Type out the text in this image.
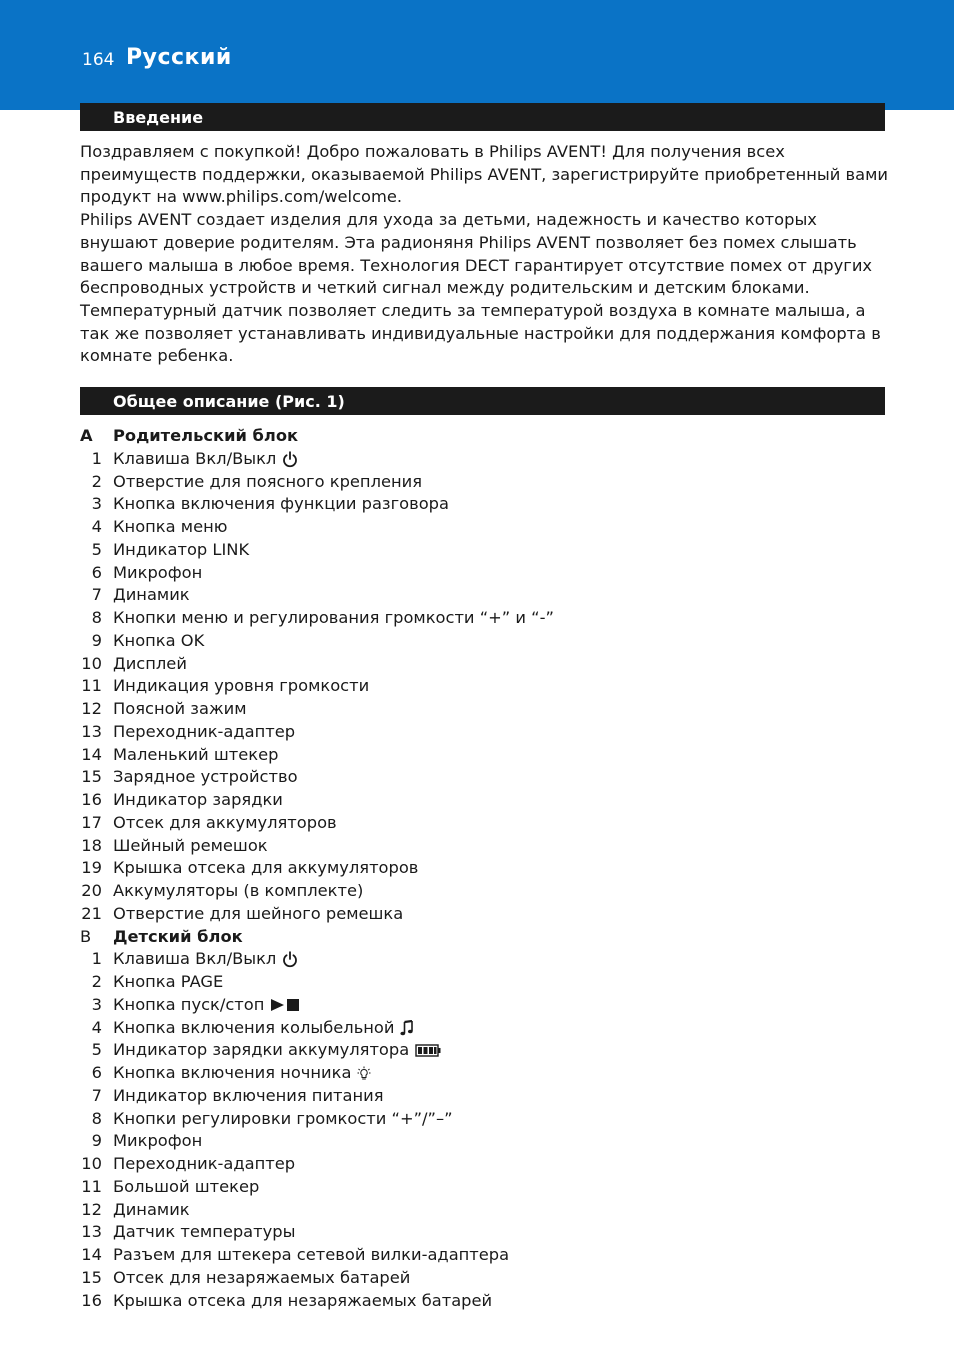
164 Русский
Введение

Поздравляем с покупкой! Добро пожаловать в Philips AVENT! Для получения всех преимуществ поддержки, оказываемой Philips AVENT, зарегистрируйте приобретенный вами продукт на www.philips.com/welcome.

Philips AVENT создает изделия для ухода за детьми, надежность и качество которых внушают доверие родителям. Эта радионяня Philips AVENT позволяет без помех слышать вашего малыша в любое время. Технология DECT гарантирует отсутствие помех от других беспроводных устройств и четкий сигнал между родительским и детским блоками. Температурный датчик позволяет следить за температурой воздуха в комнате малыша, а так же позволяет устанавливать индивидуальные настройки для поддержания комфорта в комнате ребенка.

Общее описание (Рис. 1)
A	Родительский блок
1 Клавиша Вкл/Выкл
2 Отверстие для поясного крепления
3 Кнопка включения функции разговора
4 Кнопка меню
5 Индикатор LINK
6 Микрофон
7 Динамик
8 Кнопки меню и регулирования громкости “+” и “-”
9 Кнопка OK
10 Дисплей
11 Индикация уровня громкости
12 Поясной зажим
13 Переходник-адаптер
14 Маленький штекер
15 Зарядное устройство
16 Индикатор зарядки
17 Отсек для аккумуляторов
18 Шейный ремешок
19 Крышка отсека для аккумуляторов
20 Аккумуляторы (в комплекте)
21 Отверстие для шейного ремешка
B	Детский блок
1 Клавиша Вкл/Выкл
2 Кнопка PAGE
3 Кнопка пуск/стоп
4 Кнопка включения колыбельной
5 Индикатор зарядки аккумулятора
6 Кнопка включения ночника
7 Индикатор включения питания
8 Кнопки регулировки громкости “+”/”–”
9 Микрофон
10 Переходник-адаптер
11 Большой штекер
12 Динамик
13 Датчик температуры
14 Разъем для штекера сетевой вилки-адаптера
15 Отсек для незаряжаемых батарей
16 Крышка отсека для незаряжаемых батарей
